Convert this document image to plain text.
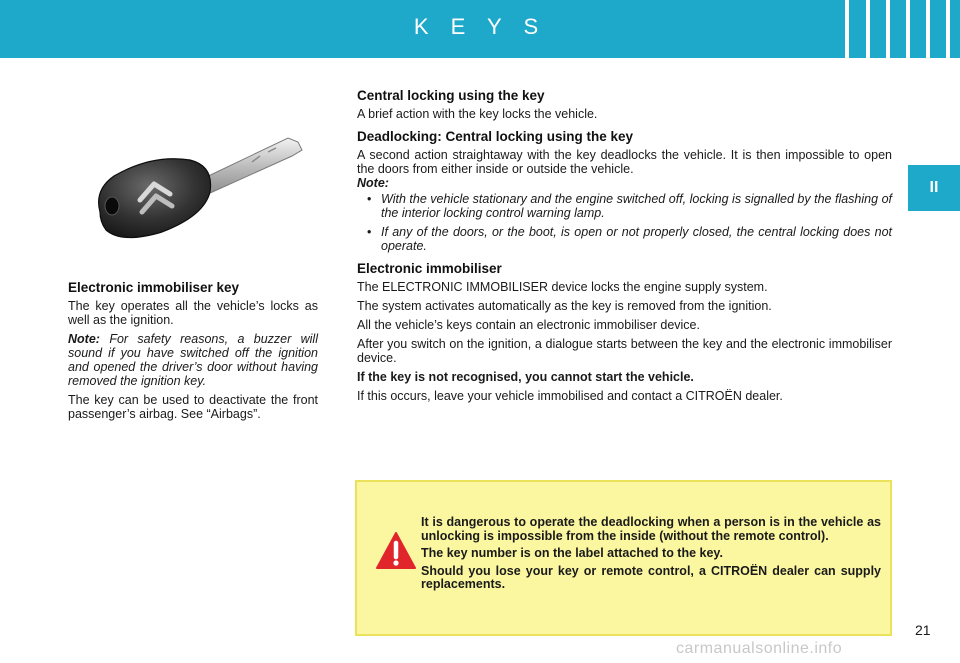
K E Y S
II
Electronic immobiliser key

The key operates all the vehicle’s locks as well as the ignition.

Note: For safety reasons, a buzzer will sound if you have switched off the ignition and opened the driver’s door without having removed the ignition key.

The key can be used to deactivate the front passenger’s airbag. See “Airbags”.

Central locking using the key

A brief action with the key locks the vehicle.

Deadlocking: Central locking using the key

A second action straightaway with the key deadlocks the vehicle. It is then impossible to open the doors from either inside or outside the vehicle.

Note:

• With the vehicle stationary and the engine switched off, locking is signalled by the flashing of the interior locking control warning lamp.
• If any of the doors, or the boot, is open or not properly closed, the central locking does not operate.
Electronic immobiliser

The ELECTRONIC IMMOBILISER device locks the engine supply system.

The system activates automatically as the key is removed from the ignition.

All the vehicle’s keys contain an electronic immobiliser device.

After you switch on the ignition, a dialogue starts between the key and the electronic immobiliser device.

If the key is not recognised, you cannot start the vehicle.

If this occurs, leave your vehicle immobilised and contact a CITROËN dealer.

It is dangerous to operate the deadlocking when a person is in the vehicle as unlocking is impossible from the inside (without the remote control).

The key number is on the label attached to the key.

Should you lose your key or remote control, a CITROËN dealer can supply replacements.

21
carmanualsonline.info
